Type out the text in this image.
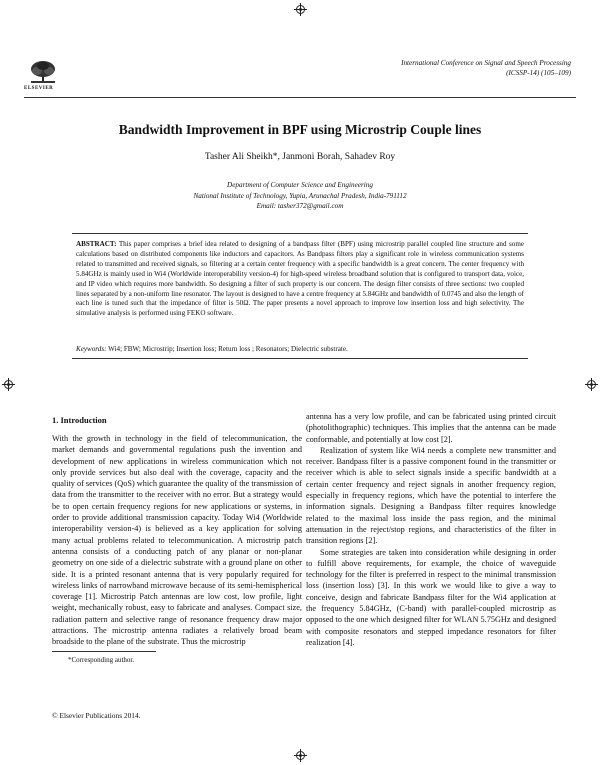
ELSEVIER
International Conference on Signal and Speech Processing
(ICSSP-14) (105–109)
Bandwidth Improvement in BPF using Microstrip Couple lines
Tasher Ali Sheikh*, Janmoni Borah, Sahadev Roy
Department of Computer Science and Engineering
National Institute of Technology, Yupia, Arunachal Pradesh, India-791112
Email: tasher372@gmail.com
ABSTRACT: This paper comprises a brief idea related to designing of a bandpass filter (BPF) using microstrip parallel coupled line structure and some calculations based on distributed components like inductors and capacitors. As Bandpass filters play a significant role in wireless communication systems related to transmitted and received signals, so filtering at a certain center frequency with a specific bandwidth is a great concern. The center frequency with 5.84GHz is mainly used in Wi4 (Worldwide interoperability version-4) for high-speed wireless broadband solution that is configured to transport data, voice, and IP video which requires more bandwidth. So designing a filter of such property is our concern. The design filter consists of three sections: two coupled lines separated by a non-uniform line resonator. The layout is designed to have a centre frequency at 5.84GHz and bandwidth of 0.0745 and also the length of each line is tuned such that the impedance of filter is 50Ω. The paper presents a novel approach to improve low insertion loss and high selectivity. The simulative analysis is performed using FEKO software.
Keywords: Wi4; FBW; Microstrip; Insertion loss; Return loss ; Resonators; Dielectric substrate.
1. Introduction

With the growth in technology in the field of telecommunication, the market demands and governmental regulations push the invention and development of new applications in wireless communication which not only provide services but also deal with the coverage, capacity and the quality of services (QoS) which guarantee the quality of the transmission of data from the transmitter to the receiver with no error. But a strategy would be to open certain frequency regions for new applications or systems, in order to provide additional transmission capacity. Today Wi4 (Worldwide interoperability version-4) is believed as a key application for solving many actual problems related to telecommunication. A microstrip patch antenna consists of a conducting patch of any planar or non-planar geometry on one side of a dielectric substrate with a ground plane on other side. It is a printed resonant antenna that is very popularly required for wireless links of narrowband microwave because of its semi-hemispherical coverage [1]. Microstrip Patch antennas are low cost, low profile, light weight, mechanically robust, easy to fabricate and analyses. Compact size, radiation pattern and selective range of resonance frequency draw major attractions. The microstrip antenna radiates a relatively broad beam broadside to the plane of the substrate. Thus the microstrip

antenna has a very low profile, and can be fabricated using printed circuit (photolithographic) techniques. This implies that the antenna can be made conformable, and potentially at low cost [2].

Realization of system like Wi4 needs a complete new transmitter and receiver. Bandpass filter is a passive component found in the transmitter or receiver which is able to select signals inside a specific bandwidth at a certain center frequency and reject signals in another frequency region, especially in frequency regions, which have the potential to interfere the information signals. Designing a Bandpass filter requires knowledge related to the maximal loss inside the pass region, and the minimal attenuation in the reject/stop regions, and characteristics of the filter in transition regions [2].

Some strategies are taken into consideration while designing in order to fulfill above requirements, for example, the choice of waveguide technology for the filter is preferred in respect to the minimal transmission loss (insertion loss) [3]. In this work we would like to give a way to conceive, design and fabricate Bandpass filter for the Wi4 application at the frequency 5.84GHz, (C-band) with parallel-coupled microstrip as opposed to the one which designed filter for WLAN 5.75GHz and designed with composite resonators and stepped impedance resonators for filter realization [4].

*Corresponding author.
© Elsevier Publications 2014.
